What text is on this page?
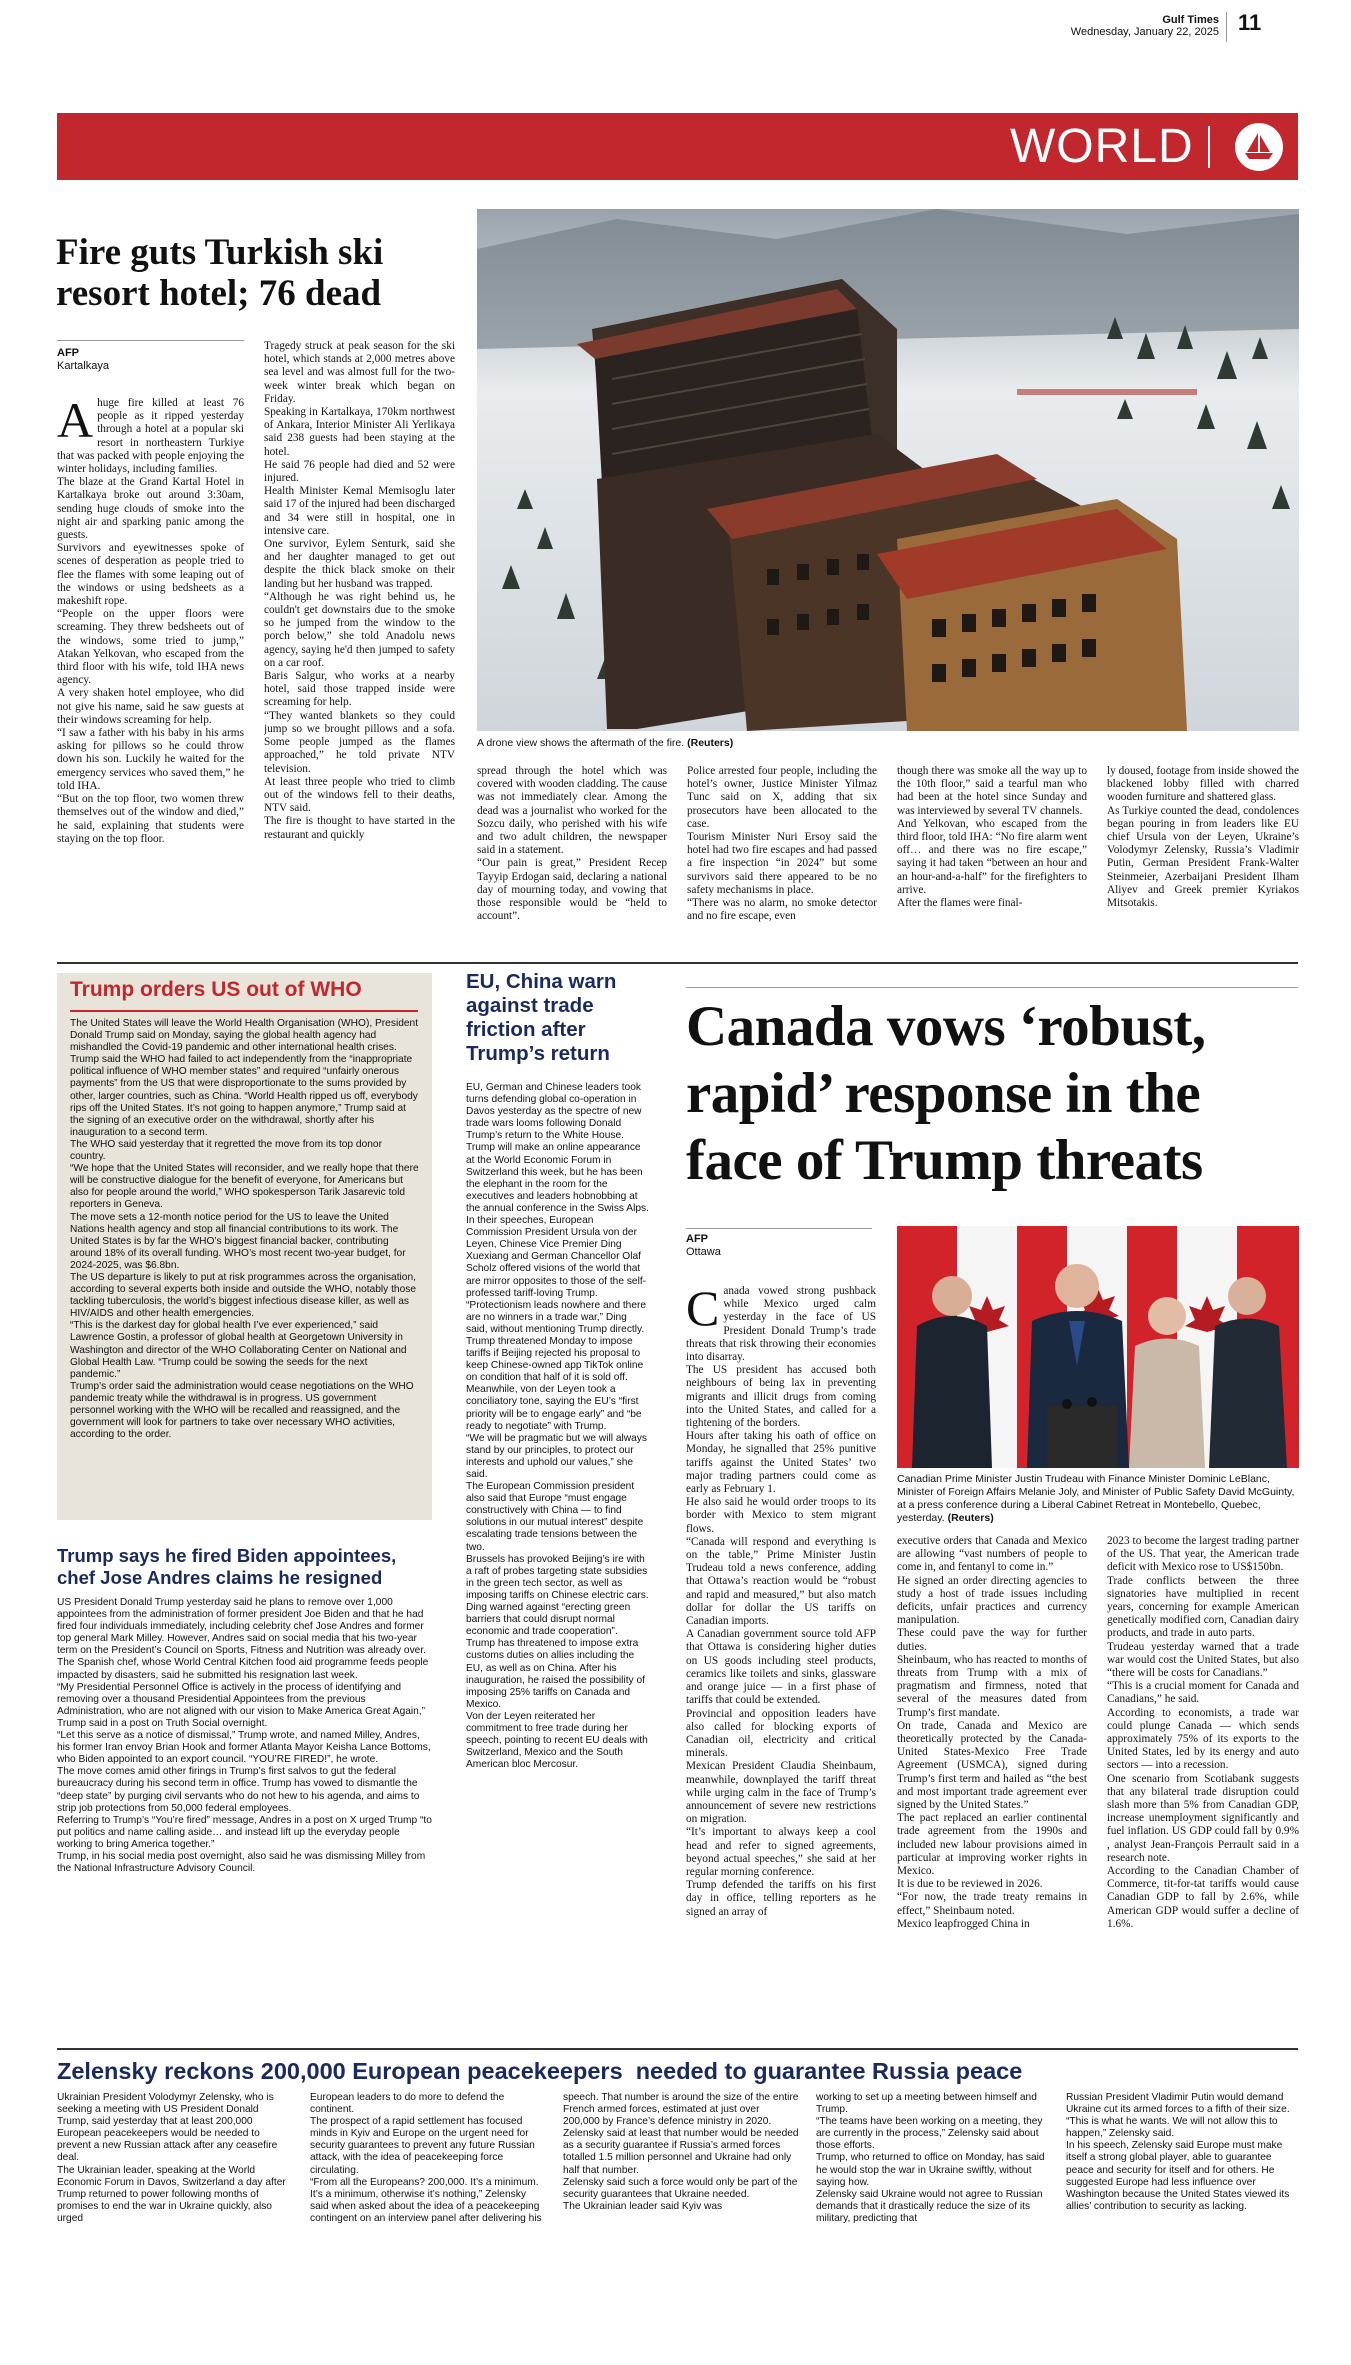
Gulf Times
Wednesday, January 22, 2025 11
WORLD
Fire guts Turkish ski resort hotel; 76 dead
AFP
Kartalkaya
A huge fire killed at least 76 people as it ripped yesterday through a hotel at a popular ski resort in northeastern Turkiye that was packed with people enjoying the winter holidays, including families.

The blaze at the Grand Kartal Hotel in Kartalkaya broke out around 3:30am, sending huge clouds of smoke into the night air and sparking panic among the guests.

Survivors and eyewitnesses spoke of scenes of desperation as people tried to flee the flames with some leaping out of the windows or using bedsheets as a makeshift rope.

“People on the upper floors were screaming. They threw bedsheets out of the windows, some tried to jump,” Atakan Yelkovan, who escaped from the third floor with his wife, told IHA news agency.

A very shaken hotel employee, who did not give his name, said he saw guests at their windows screaming for help.

“I saw a father with his baby in his arms asking for pillows so he could throw down his son. Luckily he waited for the emergency services who saved them,” he told IHA.

“But on the top floor, two women threw themselves out of the window and died,” he said, explaining that students were staying on the top floor.

Tragedy struck at peak season for the ski hotel, which stands at 2,000 metres above sea level and was almost full for the two-week winter break which began on Friday.

Speaking in Kartalkaya, 170km northwest of Ankara, Interior Minister Ali Yerlikaya said 238 guests had been staying at the hotel.

He said 76 people had died and 52 were injured.

Health Minister Kemal Memisoglu later said 17 of the injured had been discharged and 34 were still in hospital, one in intensive care.

One survivor, Eylem Senturk, said she and her daughter managed to get out despite the thick black smoke on their landing but her husband was trapped.

“Although he was right behind us, he couldn't get downstairs due to the smoke so he jumped from the window to the porch below,” she told Anadolu news agency, saying he'd then jumped to safety on a car roof.

Baris Salgur, who works at a nearby hotel, said those trapped inside were screaming for help.

“They wanted blankets so they could jump so we brought pillows and a sofa. Some people jumped as the flames approached,” he told private NTV television.

At least three people who tried to climb out of the windows fell to their deaths, NTV said.

The fire is thought to have started in the restaurant and quickly

A drone view shows the aftermath of the fire. (Reuters)

spread through the hotel which was covered with wooden cladding. The cause was not immediately clear. Among the dead was a journalist who worked for the Sozcu daily, who perished with his wife and two adult children, the newspaper said in a statement.

“Our pain is great,” President Recep Tayyip Erdogan said, declaring a national day of mourning today, and vowing that those responsible would be “held to account”.

Police arrested four people, including the hotel’s owner, Justice Minister Yilmaz Tunc said on X, adding that six prosecutors have been allocated to the case.

Tourism Minister Nuri Ersoy said the hotel had two fire escapes and had passed a fire inspection “in 2024” but some survivors said there appeared to be no safety mechanisms in place.

“There was no alarm, no smoke detector and no fire escape, even

though there was smoke all the way up to the 10th floor,” said a tearful man who had been at the hotel since Sunday and was interviewed by several TV channels.

And Yelkovan, who escaped from the third floor, told IHA: “No fire alarm went off… and there was no fire escape,” saying it had taken “between an hour and an hour-and-a-half” for the firefighters to arrive.

After the flames were final-

ly doused, footage from inside showed the blackened lobby filled with charred wooden furniture and shattered glass.

As Turkiye counted the dead, condolences began pouring in from leaders like EU chief Ursula von der Leyen, Ukraine’s Volodymyr Zelensky, Russia’s Vladimir Putin, German President Frank-Walter Steinmeier, Azerbaijani President Ilham Aliyev and Greek premier Kyriakos Mitsotakis.

Trump orders US out of WHO

The United States will leave the World Health Organisation (WHO), President Donald Trump said on Monday, saying the global health agency had mishandled the Covid-19 pandemic and other international health crises.

Trump said the WHO had failed to act independently from the “inappropriate political influence of WHO member states” and required “unfairly onerous payments” from the US that were disproportionate to the sums provided by other, larger countries, such as China. “World Health ripped us off, everybody rips off the United States. It’s not going to happen anymore,” Trump said at the signing of an executive order on the withdrawal, shortly after his inauguration to a second term.

The WHO said yesterday that it regretted the move from its top donor country.

“We hope that the United States will reconsider, and we really hope that there will be constructive dialogue for the benefit of everyone, for Americans but also for people around the world,” WHO spokesperson Tarik Jasarevic told reporters in Geneva.

The move sets a 12-month notice period for the US to leave the United Nations health agency and stop all financial contributions to its work. The United States is by far the WHO’s biggest financial backer, contributing around 18% of its overall funding. WHO’s most recent two-year budget, for 2024-2025, was $6.8bn.

The US departure is likely to put at risk programmes across the organisation, according to several experts both inside and outside the WHO, notably those tackling tuberculosis, the world’s biggest infectious disease killer, as well as HIV/AIDS and other health emergencies.

“This is the darkest day for global health I’ve ever experienced,” said Lawrence Gostin, a professor of global health at Georgetown University in Washington and director of the WHO Collaborating Center on National and Global Health Law. “Trump could be sowing the seeds for the next pandemic.”

Trump’s order said the administration would cease negotiations on the WHO pandemic treaty while the withdrawal is in progress. US government personnel working with the WHO will be recalled and reassigned, and the government will look for partners to take over necessary WHO activities, according to the order.

Trump says he fired Biden appointees, chef Jose Andres claims he resigned

US President Donald Trump yesterday said he plans to remove over 1,000 appointees from the administration of former president Joe Biden and that he had fired four individuals immediately, including celebrity chef Jose Andres and former top general Mark Milley. However, Andres said on social media that his two-year term on the President’s Council on Sports, Fitness and Nutrition was already over. The Spanish chef, whose World Central Kitchen food aid programme feeds people impacted by disasters, said he submitted his resignation last week.

“My Presidential Personnel Office is actively in the process of identifying and removing over a thousand Presidential Appointees from the previous Administration, who are not aligned with our vision to Make America Great Again,” Trump said in a post on Truth Social overnight.

“Let this serve as a notice of dismissal,” Trump wrote, and named Milley, Andres, his former Iran envoy Brian Hook and former Atlanta Mayor Keisha Lance Bottoms, who Biden appointed to an export council. “YOU’RE FIRED!”, he wrote.

The move comes amid other firings in Trump’s first salvos to gut the federal bureaucracy during his second term in office. Trump has vowed to dismantle the “deep state” by purging civil servants who do not hew to his agenda, and aims to strip job protections from 50,000 federal employees.

Referring to Trump’s “You’re fired” message, Andres in a post on X urged Trump “to put politics and name calling aside… and instead lift up the everyday people working to bring America together.”

Trump, in his social media post overnight, also said he was dismissing Milley from the National Infrastructure Advisory Council.

EU, China warn against trade friction after Trump’s return

EU, German and Chinese leaders took turns defending global co-operation in Davos yesterday as the spectre of new trade wars looms following Donald Trump’s return to the White House.

Trump will make an online appearance at the World Economic Forum in Switzerland this week, but he has been the elephant in the room for the executives and leaders hobnobbing at the annual conference in the Swiss Alps.

In their speeches, European Commission President Ursula von der Leyen, Chinese Vice Premier Ding Xuexiang and German Chancellor Olaf Scholz offered visions of the world that are mirror opposites to those of the self-professed tariff-loving Trump.

“Protectionism leads nowhere and there are no winners in a trade war,” Ding said, without mentioning Trump directly.

Trump threatened Monday to impose tariffs if Beijing rejected his proposal to keep Chinese-owned app TikTok online on condition that half of it is sold off.

Meanwhile, von der Leyen took a conciliatory tone, saying the EU’s “first priority will be to engage early” and “be ready to negotiate” with Trump.

“We will be pragmatic but we will always stand by our principles, to protect our interests and uphold our values,” she said.

The European Commission president also said that Europe “must engage constructively with China — to find solutions in our mutual interest” despite escalating trade tensions between the two.

Brussels has provoked Beijing’s ire with a raft of probes targeting state subsidies in the green tech sector, as well as imposing tariffs on Chinese electric cars.

Ding warned against “erecting green barriers that could disrupt normal economic and trade cooperation”.

Trump has threatened to impose extra customs duties on allies including the EU, as well as on China. After his inauguration, he raised the possibility of imposing 25% tariffs on Canada and Mexico.

Von der Leyen reiterated her commitment to free trade during her speech, pointing to recent EU deals with Switzerland, Mexico and the South American bloc Mercosur.

Canada vows ‘robust, rapid’ response in the face of Trump threats
AFP
Ottawa
Canadian Prime Minister Justin Trudeau with Finance Minister Dominic LeBlanc, Minister of Foreign Affairs Melanie Joly, and Minister of Public Safety David McGuinty, at a press conference during a Liberal Cabinet Retreat in Montebello, Quebec, yesterday. (Reuters)
C anada vowed strong pushback while Mexico urged calm yesterday in the face of US President Donald Trump’s trade threats that risk throwing their economies into disarray.

The US president has accused both neighbours of being lax in preventing migrants and illicit drugs from coming into the United States, and called for a tightening of the borders.

Hours after taking his oath of office on Monday, he signalled that 25% punitive tariffs against the United States’ two major trading partners could come as early as February 1.

He also said he would order troops to its border with Mexico to stem migrant flows.

“Canada will respond and everything is on the table,” Prime Minister Justin Trudeau told a news conference, adding that Ottawa’s reaction would be “robust and rapid and measured,” but also match dollar for dollar the US tariffs on Canadian imports.

A Canadian government source told AFP that Ottawa is considering higher duties on US goods including steel products, ceramics like toilets and sinks, glassware and orange juice — in a first phase of tariffs that could be extended.

Provincial and opposition leaders have also called for blocking exports of Canadian oil, electricity and critical minerals.

Mexican President Claudia Sheinbaum, meanwhile, downplayed the tariff threat while urging calm in the face of Trump’s announcement of severe new restrictions on migration.

“It’s important to always keep a cool head and refer to signed agreements, beyond actual speeches,” she said at her regular morning conference.

Trump defended the tariffs on his first day in office, telling reporters as he signed an array of

executive orders that Canada and Mexico are allowing “vast numbers of people to come in, and fentanyl to come in.”

He signed an order directing agencies to study a host of trade issues including deficits, unfair practices and currency manipulation.

These could pave the way for further duties.

Sheinbaum, who has reacted to months of threats from Trump with a mix of pragmatism and firmness, noted that several of the measures dated from Trump’s first mandate.

On trade, Canada and Mexico are theoretically protected by the Canada-United States-Mexico Free Trade Agreement (USMCA), signed during Trump’s first term and hailed as “the best and most important trade agreement ever signed by the United States.”

The pact replaced an earlier continental trade agreement from the 1990s and included new labour provisions aimed in particular at improving worker rights in Mexico.

It is due to be reviewed in 2026.

“For now, the trade treaty remains in effect,” Sheinbaum noted.

Mexico leapfrogged China in

2023 to become the largest trading partner of the US. That year, the American trade deficit with Mexico rose to US$150bn.

Trade conflicts between the three signatories have multiplied in recent years, concerning for example American genetically modified corn, Canadian dairy products, and trade in auto parts.

Trudeau yesterday warned that a trade war would cost the United States, but also “there will be costs for Canadians.”

“This is a crucial moment for Canada and Canadians,” he said.

According to economists, a trade war could plunge Canada — which sends approximately 75% of its exports to the United States, led by its energy and auto sectors — into a recession.

One scenario from Scotiabank suggests that any bilateral trade disruption could slash more than 5% from Canadian GDP, increase unemployment significantly and fuel inflation. US GDP could fall by 0.9% , analyst Jean-François Perrault said in a research note.

According to the Canadian Chamber of Commerce, tit-for-tat tariffs would cause Canadian GDP to fall by 2.6%, while American GDP would suffer a decline of 1.6%.

Zelensky reckons 200,000 European peacekeepers  needed to guarantee Russia peace

Ukrainian President Volodymyr Zelensky, who is seeking a meeting with US President Donald Trump, said yesterday that at least 200,000 European peacekeepers would be needed to prevent a new Russian attack after any ceasefire deal.

The Ukrainian leader, speaking at the World Economic Forum in Davos, Switzerland a day after Trump returned to power following months of promises to end the war in Ukraine quickly, also urged

European leaders to do more to defend the continent.

The prospect of a rapid settlement has focused minds in Kyiv and Europe on the urgent need for security guarantees to prevent any future Russian attack, with the idea of peacekeeping force circulating.

“From all the Europeans? 200,000. It’s a minimum. It’s a minimum, otherwise it’s nothing,” Zelensky said when asked about the idea of a peacekeeping contingent on an interview panel after delivering his

speech. That number is around the size of the entire French armed forces, estimated at just over 200,000 by France’s defence ministry in 2020. Zelensky said at least that number would be needed as a security guarantee if Russia’s armed forces totalled 1.5 million personnel and Ukraine had only half that number.

Zelensky said such a force would only be part of the security guarantees that Ukraine needed.

The Ukrainian leader said Kyiv was

working to set up a meeting between himself and Trump.

“The teams have been working on a meeting, they are currently in the process,” Zelensky said about those efforts.

Trump, who returned to office on Monday, has said he would stop the war in Ukraine swiftly, without saying how.

Zelensky said Ukraine would not agree to Russian demands that it drastically reduce the size of its military, predicting that

Russian President Vladimir Putin would demand Ukraine cut its armed forces to a fifth of their size.

“This is what he wants. We will not allow this to happen,” Zelensky said.

In his speech, Zelensky said Europe must make itself a strong global player, able to guarantee peace and security for itself and for others. He suggested Europe had less influence over Washington because the United States viewed its allies’ contribution to security as lacking.
